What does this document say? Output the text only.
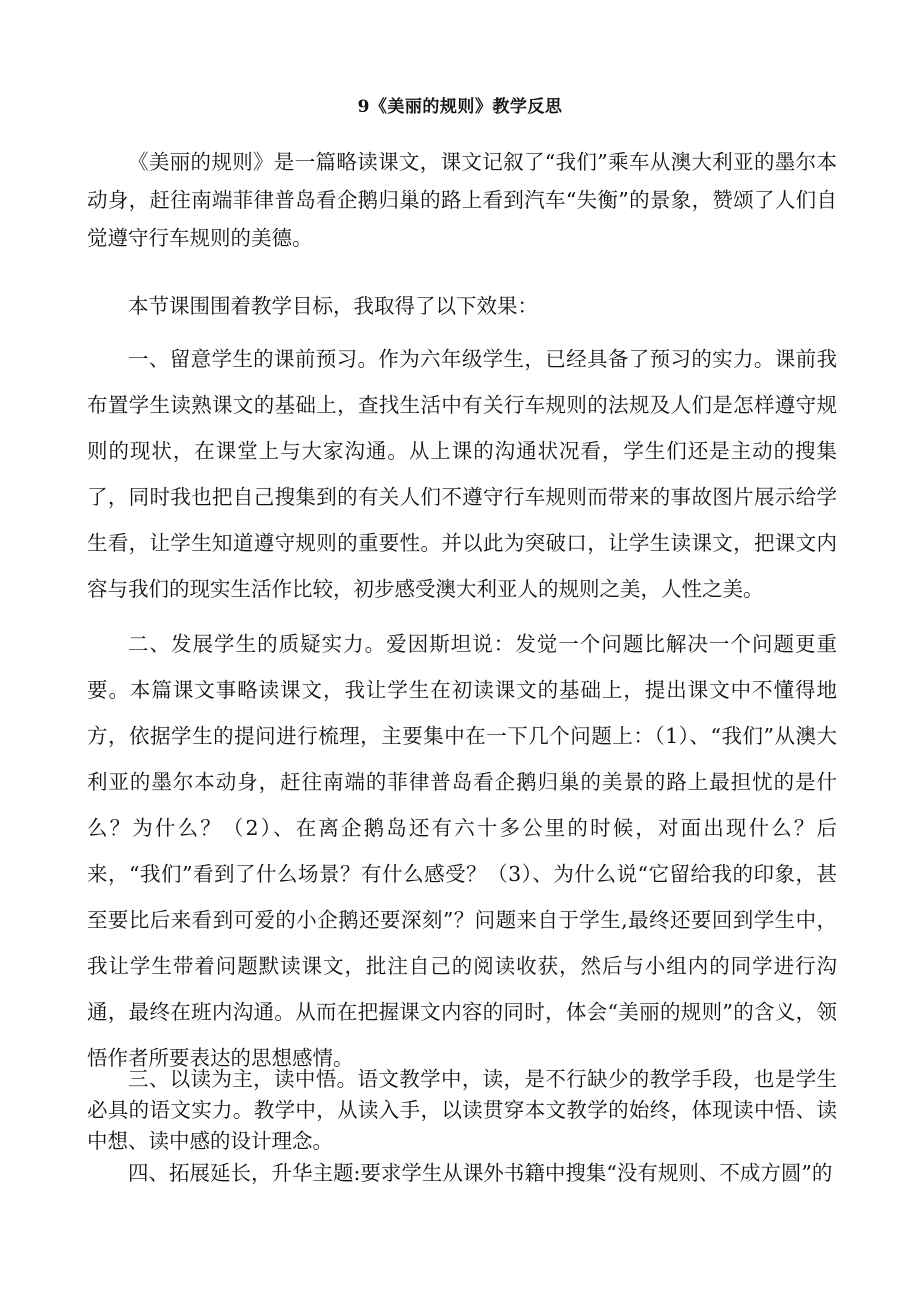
9《美丽的规则》教学反思

《美丽的规则》是一篇略读课文，课文记叙了“我们”乘车从澳大利亚的墨尔本动身，赶往南端菲律普岛看企鹅归巢的路上看到汽车“失衡”的景象，赞颂了人们自觉遵守行车规则的美德。

本节课围围着教学目标，我取得了以下效果：

一、留意学生的课前预习。作为六年级学生，已经具备了预习的实力。课前我布置学生读熟课文的基础上，查找生活中有关行车规则的法规及人们是怎样遵守规则的现状，在课堂上与大家沟通。从上课的沟通状况看，学生们还是主动的搜集了，同时我也把自己搜集到的有关人们不遵守行车规则而带来的事故图片展示给学生看，让学生知道遵守规则的重要性。并以此为突破口，让学生读课文，把课文内容与我们的现实生活作比较，初步感受澳大利亚人的规则之美，人性之美。

二、发展学生的质疑实力。爱因斯坦说：发觉一个问题比解决一个问题更重要。本篇课文事略读课文，我让学生在初读课文的基础上，提出课文中不懂得地方，依据学生的提问进行梳理，主要集中在一下几个问题上：（1）、“我们”从澳大利亚的墨尔本动身，赶往南端的菲律普岛看企鹅归巢的美景的路上最担忧的是什么？为什么？（2）、在离企鹅岛还有六十多公里的时候，对面出现什么？后来，“我们”看到了什么场景？有什么感受？（3）、为什么说“它留给我的印象，甚至要比后来看到可爱的小企鹅还要深刻”？问题来自于学生,最终还要回到学生中，我让学生带着问题默读课文，批注自己的阅读收获，然后与小组内的同学进行沟通，最终在班内沟通。从而在把握课文内容的同时，体会“美丽的规则”的含义，领悟作者所要表达的思想感情。

三、以读为主，读中悟。语文教学中，读，是不行缺少的教学手段，也是学生必具的语文实力。教学中，从读入手，以读贯穿本文教学的始终，体现读中悟、读中想、读中感的设计理念。

四、拓展延长，升华主题:要求学生从课外书籍中搜集“没有规则、不成方圆”的
